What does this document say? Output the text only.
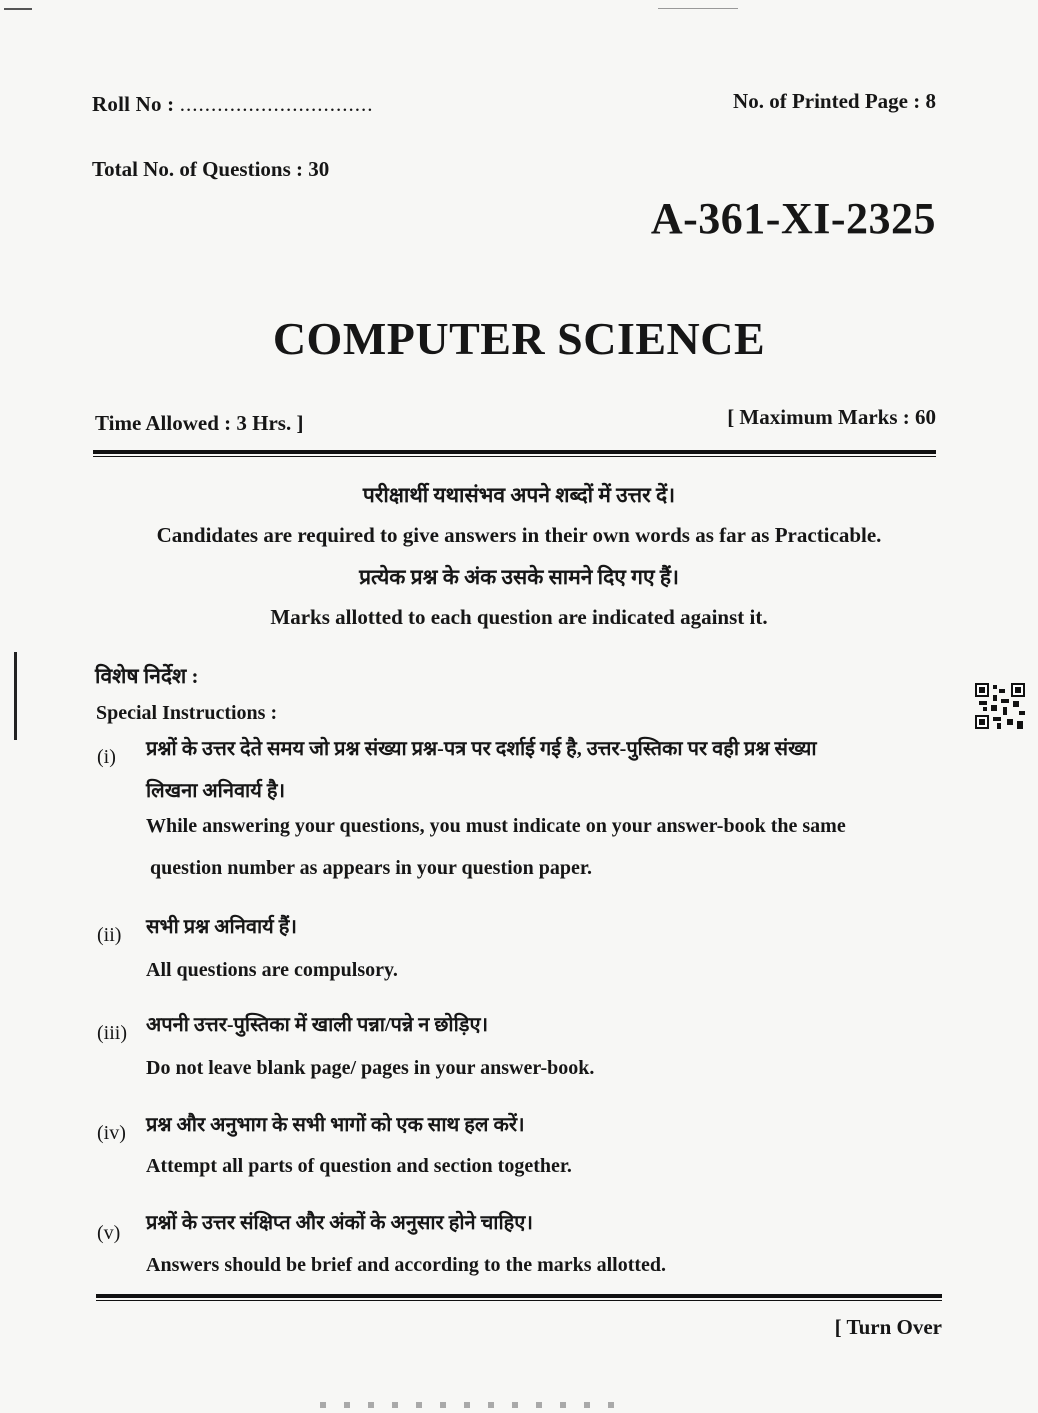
Roll No : ...............................	No. of Printed Page : 8
Total No. of Questions : 30
A-361-XI-2325
COMPUTER SCIENCE
Time Allowed : 3 Hrs. ]	[ Maximum Marks : 60
परीक्षार्थी यथासंभव अपने शब्दों में उत्तर दें।
Candidates are required to give answers in their own words as far as Practicable.
प्रत्येक प्रश्न के अंक उसके सामने दिए गए हैं।
Marks allotted to each question are indicated against it.
विशेष निर्देश :
Special Instructions :
(i) प्रश्नों के उत्तर देते समय जो प्रश्न संख्या प्रश्न-पत्र पर दर्शाई गई है, उत्तर-पुस्तिका पर वही प्रश्न संख्या
लिखना अनिवार्य है।
While answering your questions, you must indicate on your answer-book the same
question number as appears in your question paper.
(ii) सभी प्रश्न अनिवार्य हैं।
All questions are compulsory.
(iii) अपनी उत्तर-पुस्तिका में खाली पन्ना/पन्ने न छोड़िए।
Do not leave blank page/ pages in your answer-book.
(iv) प्रश्न और अनुभाग के सभी भागों को एक साथ हल करें।
Attempt all parts of question and section together.
(v) प्रश्नों के उत्तर संक्षिप्त और अंकों के अनुसार होने चाहिए।
Answers should be brief and according to the marks allotted.
[ Turn Over
